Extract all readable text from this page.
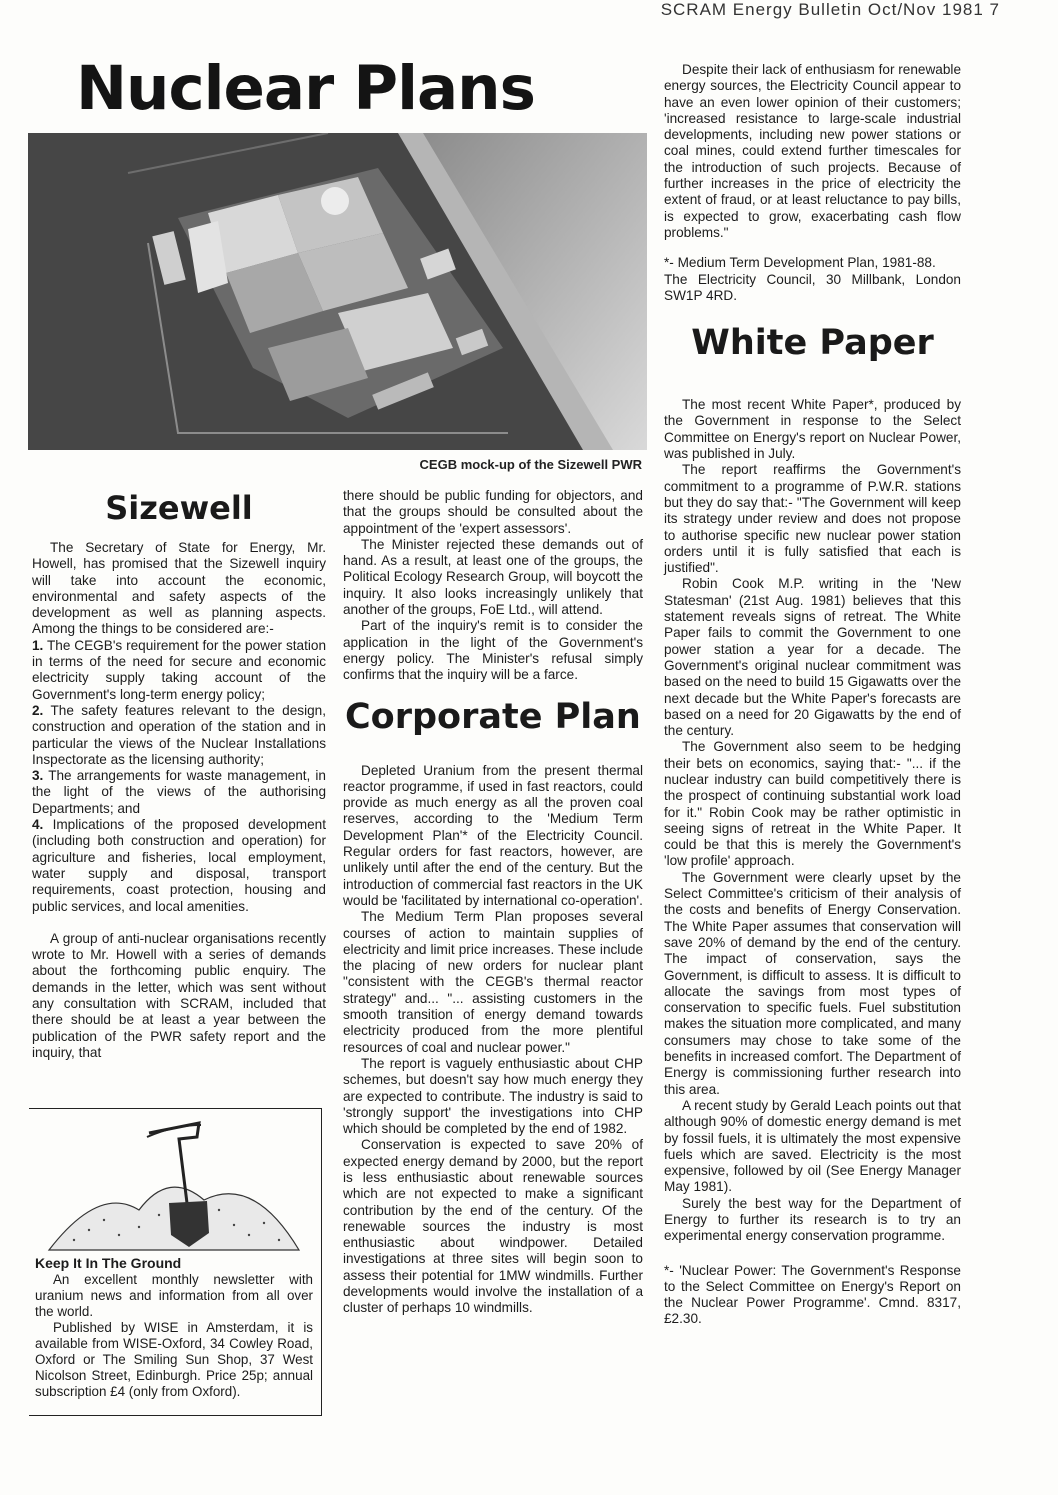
SCRAM Energy Bulletin Oct/Nov 1981 7
Nuclear Plans
CEGB mock-up of the Sizewell PWR
Sizewell

The Secretary of State for Energy, Mr. Howell, has promised that the Sizewell inquiry will take into account the economic, environmental and safety aspects of the development as well as planning aspects. Among the things to be considered are:-

1. The CEGB's requirement for the power station in terms of the need for secure and economic electricity supply taking account of the Government's long-term energy policy;

2. The safety features relevant to the design, construction and operation of the station and in particular the views of the Nuclear Installations Inspectorate as the licensing authority;

3. The arrangements for waste management, in the light of the views of the authorising Departments; and

4. Implications of the proposed development (including both construction and operation) for agriculture and fisheries, local employment, water supply and disposal, transport requirements, coast protection, housing and public services, and local amenities.

A group of anti-nuclear organisations recently wrote to Mr. Howell with a series of demands about the forthcoming public enquiry. The demands in the letter, which was sent without any consultation with SCRAM, included that there should be at least a year between the publication of the PWR safety report and the inquiry, that

Keep It In The Ground

An excellent monthly newsletter with uranium news and information from all over the world.

Published by WISE in Amsterdam, it is available from WISE-Oxford, 34 Cowley Road, Oxford or The Smiling Sun Shop, 37 West Nicolson Street, Edinburgh. Price 25p; annual subscription £4 (only from Oxford).

there should be public funding for objectors, and that the groups should be consulted about the appointment of the 'expert assessors'.

The Minister rejected these demands out of hand. As a result, at least one of the groups, the Political Ecology Research Group, will boycott the inquiry. It also looks increasingly unlikely that another of the groups, FoE Ltd., will attend.

Part of the inquiry's remit is to consider the application in the light of the Government's energy policy. The Minister's refusal simply confirms that the inquiry will be a farce.

Corporate Plan

Depleted Uranium from the present thermal reactor programme, if used in fast reactors, could provide as much energy as all the proven coal reserves, according to the 'Medium Term Development Plan'* of the Electricity Council. Regular orders for fast reactors, however, are unlikely until after the end of the century. But the introduction of commercial fast reactors in the UK would be 'facilitated by international co-operation'.

The Medium Term Plan proposes several courses of action to maintain supplies of electricity and limit price increases. These include the placing of new orders for nuclear plant "consistent with the CEGB's thermal reactor strategy" and... "... assisting customers in the smooth transition of energy demand towards electricity produced from the more plentiful resources of coal and nuclear power."

The report is vaguely enthusiastic about CHP schemes, but doesn't say how much energy they are expected to contribute. The industry is said to 'strongly support' the investigations into CHP which should be completed by the end of 1982.

Conservation is expected to save 20% of expected energy demand by 2000, but the report is less enthusiastic about renewable sources which are not expected to make a significant contribution by the end of the century. Of the renewable sources the industry is most enthusiastic about windpower. Detailed investigations at three sites will begin soon to assess their potential for 1MW windmills. Further developments would involve the installation of a cluster of perhaps 10 windmills.

Despite their lack of enthusiasm for renewable energy sources, the Electricity Council appear to have an even lower opinion of their customers; 'increased resistance to large-scale industrial developments, including new power stations or coal mines, could extend further timescales for the introduction of such projects. Because of further increases in the price of electricity the extent of fraud, or at least reluctance to pay bills, is expected to grow, exacerbating cash flow problems."

*- Medium Term Development Plan, 1981-88.

The Electricity Council, 30 Millbank, London SW1P 4RD.

White Paper

The most recent White Paper*, produced by the Government in response to the Select Committee on Energy's report on Nuclear Power, was published in July.

The report reaffirms the Government's commitment to a programme of P.W.R. stations but they do say that:- "The Government will keep its strategy under review and does not propose to authorise specific new nuclear power station orders until it is fully satisfied that each is justified".

Robin Cook M.P. writing in the 'New Statesman' (21st Aug. 1981) believes that this statement reveals signs of retreat. The White Paper fails to commit the Government to one power station a year for a decade. The Government's original nuclear commitment was based on the need to build 15 Gigawatts over the next decade but the White Paper's forecasts are based on a need for 20 Gigawatts by the end of the century.

The Government also seem to be hedging their bets on economics, saying that:- "... if the nuclear industry can build competitively there is the prospect of continuing substantial work load for it." Robin Cook may be rather optimistic in seeing signs of retreat in the White Paper. It could be that this is merely the Government's 'low profile' approach.

The Government were clearly upset by the Select Committee's criticism of their analysis of the costs and benefits of Energy Conservation. The White Paper assumes that conservation will save 20% of demand by the end of the century. The impact of conservation, says the Government, is difficult to assess. It is difficult to allocate the savings from most types of conservation to specific fuels. Fuel substitution makes the situation more complicated, and many consumers may chose to take some of the benefits in increased comfort. The Department of Energy is commissioning further research into this area.

A recent study by Gerald Leach points out that although 90% of domestic energy demand is met by fossil fuels, it is ultimately the most expensive fuels which are saved. Electricity is the most expensive, followed by oil (See Energy Manager May 1981).

Surely the best way for the Department of Energy to further its research is to try an experimental energy conservation programme.

*- 'Nuclear Power: The Government's Response to the Select Committee on Energy's Report on the Nuclear Power Programme'. Cmnd. 8317, £2.30.
